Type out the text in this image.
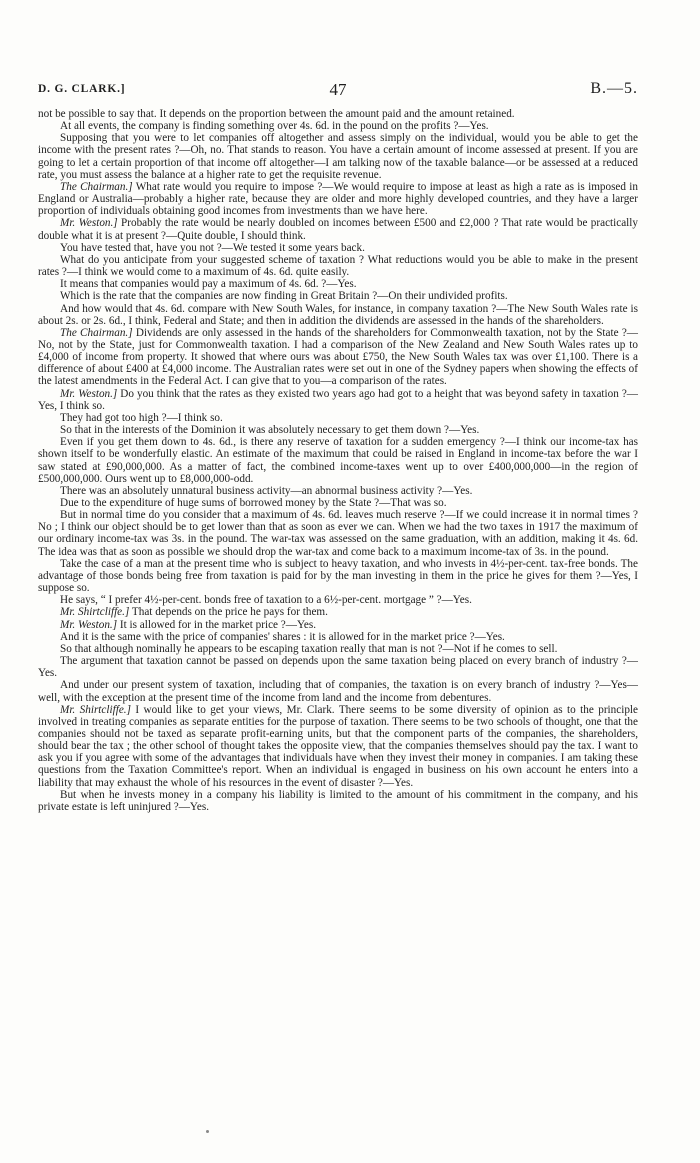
D. G. CLARK.]	47	B.—5.

not be possible to say that. It depends on the proportion between the amount paid and the amount retained.

At all events, the company is finding something over 4s. 6d. in the pound on the profits ?—Yes.

Supposing that you were to let companies off altogether and assess simply on the individual, would you be able to get the income with the present rates ?—Oh, no. That stands to reason. You have a certain amount of income assessed at present. If you are going to let a certain proportion of that income off altogether—I am talking now of the taxable balance—or be assessed at a reduced rate, you must assess the balance at a higher rate to get the requisite revenue.

The Chairman.] What rate would you require to impose ?—We would require to impose at least as high a rate as is imposed in England or Australia—probably a higher rate, because they are older and more highly developed countries, and they have a larger proportion of individuals obtaining good incomes from investments than we have here.

Mr. Weston.] Probably the rate would be nearly doubled on incomes between £500 and £2,000 ? That rate would be practically double what it is at present ?—Quite double, I should think.

You have tested that, have you not ?—We tested it some years back.

What do you anticipate from your suggested scheme of taxation ? What reductions would you be able to make in the present rates ?—I think we would come to a maximum of 4s. 6d. quite easily.

It means that companies would pay a maximum of 4s. 6d. ?—Yes.

Which is the rate that the companies are now finding in Great Britain ?—On their undivided profits.

And how would that 4s. 6d. compare with New South Wales, for instance, in company taxation ?—The New South Wales rate is about 2s. or 2s. 6d., I think, Federal and State; and then in addition the dividends are assessed in the hands of the shareholders.

The Chairman.] Dividends are only assessed in the hands of the shareholders for Commonwealth taxation, not by the State ?—No, not by the State, just for Commonwealth taxation. I had a comparison of the New Zealand and New South Wales rates up to £4,000 of income from property. It showed that where ours was about £750, the New South Wales tax was over £1,100. There is a difference of about £400 at £4,000 income. The Australian rates were set out in one of the Sydney papers when showing the effects of the latest amendments in the Federal Act. I can give that to you—a comparison of the rates.

Mr. Weston.] Do you think that the rates as they existed two years ago had got to a height that was beyond safety in taxation ?—Yes, I think so.

They had got too high ?—I think so.

So that in the interests of the Dominion it was absolutely necessary to get them down ?—Yes.

Even if you get them down to 4s. 6d., is there any reserve of taxation for a sudden emergency ?—I think our income-tax has shown itself to be wonderfully elastic. An estimate of the maximum that could be raised in England in income-tax before the war I saw stated at £90,000,000. As a matter of fact, the combined income-taxes went up to over £400,000,000—in the region of £500,000,000. Ours went up to £8,000,000-odd.

There was an absolutely unnatural business activity—an abnormal business activity ?—Yes.

Due to the expenditure of huge sums of borrowed money by the State ?—That was so.

But in normal time do you consider that a maximum of 4s. 6d. leaves much reserve ?—If we could increase it in normal times ? No ; I think our object should be to get lower than that as soon as ever we can. When we had the two taxes in 1917 the maximum of our ordinary income-tax was 3s. in the pound. The war-tax was assessed on the same graduation, with an addition, making it 4s. 6d. The idea was that as soon as possible we should drop the war-tax and come back to a maximum income-tax of 3s. in the pound.

Take the case of a man at the present time who is subject to heavy taxation, and who invests in 4½-per-cent. tax-free bonds. The advantage of those bonds being free from taxation is paid for by the man investing in them in the price he gives for them ?—Yes, I suppose so.

He says, “ I prefer 4½-per-cent. bonds free of taxation to a 6½-per-cent. mortgage ” ?—Yes.

Mr. Shirtcliffe.] That depends on the price he pays for them.

Mr. Weston.] It is allowed for in the market price ?—Yes.

And it is the same with the price of companies' shares : it is allowed for in the market price ?—Yes.

So that although nominally he appears to be escaping taxation really that man is not ?—Not if he comes to sell.

The argument that taxation cannot be passed on depends upon the same taxation being placed on every branch of industry ?—Yes.

And under our present system of taxation, including that of companies, the taxation is on every branch of industry ?—Yes—well, with the exception at the present time of the income from land and the income from debentures.

Mr. Shirtcliffe.] I would like to get your views, Mr. Clark. There seems to be some diversity of opinion as to the principle involved in treating companies as separate entities for the purpose of taxation. There seems to be two schools of thought, one that the companies should not be taxed as separate profit-earning units, but that the component parts of the companies, the shareholders, should bear the tax ; the other school of thought takes the opposite view, that the companies themselves should pay the tax. I want to ask you if you agree with some of the advantages that individuals have when they invest their money in companies. I am taking these questions from the Taxation Committee's report. When an individual is engaged in business on his own account he enters into a liability that may exhaust the whole of his resources in the event of disaster ?—Yes.

But when he invests money in a company his liability is limited to the amount of his commitment in the company, and his private estate is left uninjured ?—Yes.
